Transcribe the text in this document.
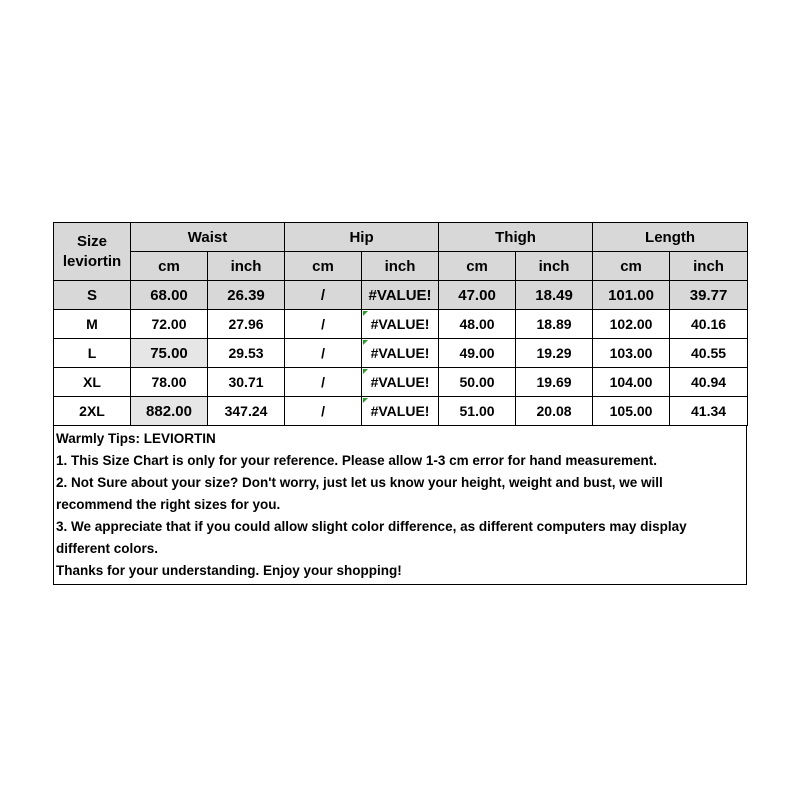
Size
leviortin	Waist		Hip		Thigh		Length	
	cm	inch	cm	inch	cm	inch	cm	inch
S	68.00	26.39	/	#VALUE!	47.00	18.49	101.00	39.77
M	72.00	27.96	/	#VALUE!	48.00	18.89	102.00	40.16
L	75.00	29.53	/	#VALUE!	49.00	19.29	103.00	40.55
XL	78.00	30.71	/	#VALUE!	50.00	19.69	104.00	40.94
2XL	882.00	347.24	/	#VALUE!	51.00	20.08	105.00	41.34
Warmly Tips: LEVIORTIN
1. This Size Chart is only for your reference. Please allow 1-3 cm error for hand measurement.
2. Not Sure about your size? Don't worry, just let us know your height, weight and bust, we will
recommend the right sizes for you.
3. We appreciate that if you could allow slight color difference, as different computers may display
different colors.
Thanks for your understanding. Enjoy your shopping!
